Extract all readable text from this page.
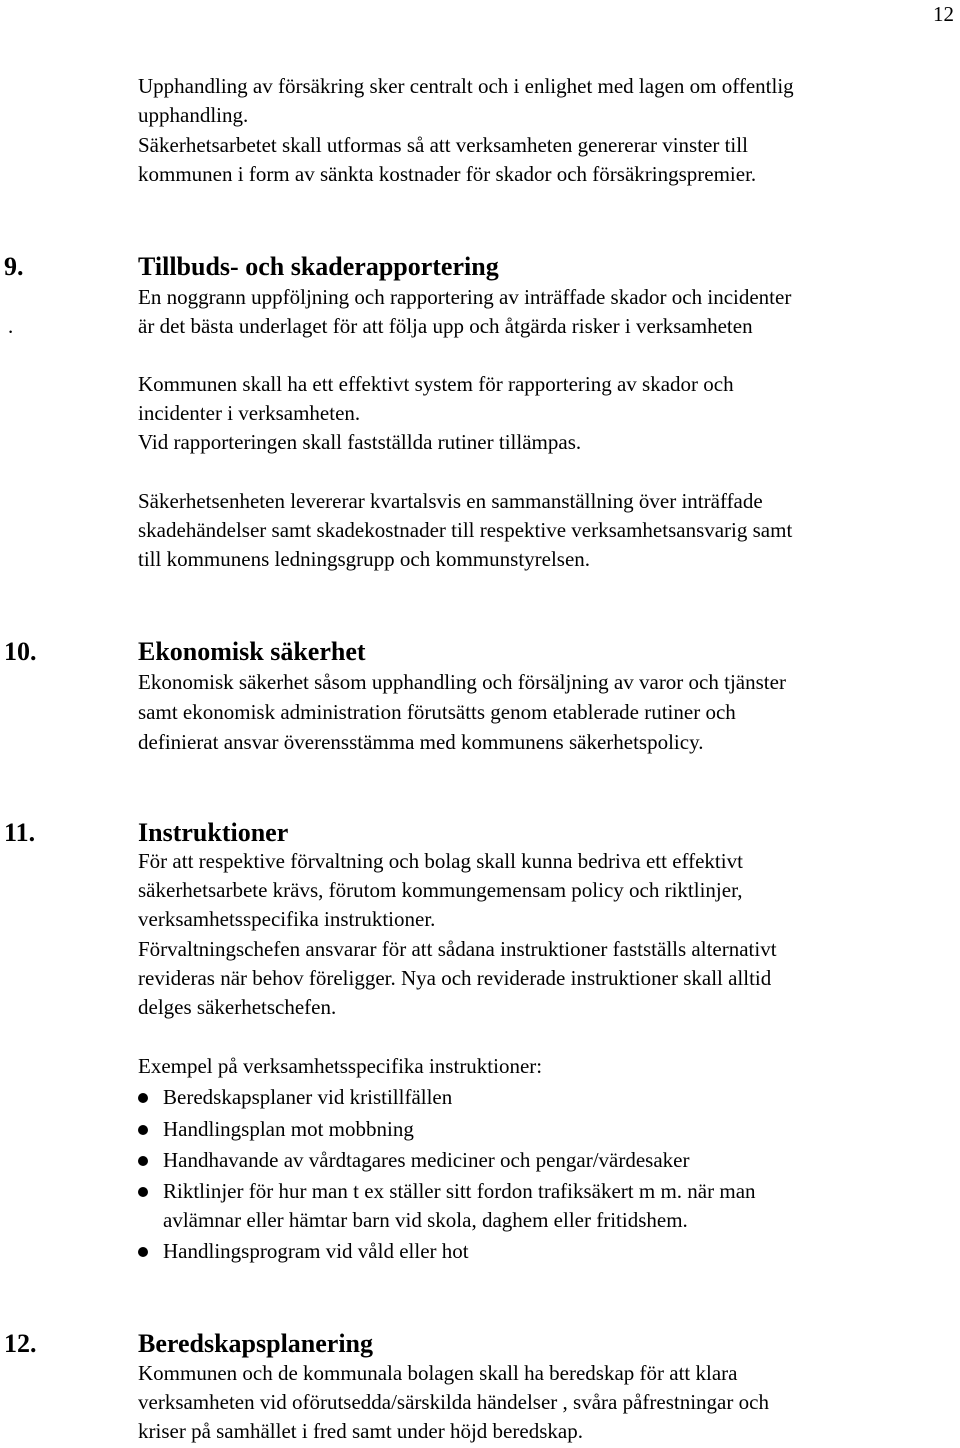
12
Upphandling av försäkring sker centralt och i enlighet med lagen om offentlig
upphandling.
Säkerhetsarbetet skall utformas så att verksamheten genererar vinster till
kommunen i form av sänkta kostnader för skador och försäkringspremier.
9.	Tillbuds- och skaderapportering
En noggrann uppföljning och rapportering av inträffade skador och incidenter
.	är det bästa underlaget för att följa upp och åtgärda risker i verksamheten
Kommunen skall ha ett effektivt system för rapportering av skador och
incidenter i verksamheten.
Vid rapporteringen skall fastställda rutiner tillämpas.
Säkerhetsenheten levererar kvartalsvis en sammanställning över inträffade
skadehändelser samt skadekostnader till respektive verksamhetsansvarig samt
till kommunens ledningsgrupp och kommunstyrelsen.
10.	Ekonomisk säkerhet
Ekonomisk säkerhet såsom upphandling och försäljning av varor och tjänster
samt ekonomisk administration förutsätts genom etablerade rutiner och
definierat ansvar överensstämma med kommunens säkerhetspolicy.
11.	Instruktioner
För att respektive förvaltning och bolag skall kunna bedriva ett effektivt
säkerhetsarbete krävs, förutom kommungemensam policy och riktlinjer,
verksamhetsspecifika instruktioner.
Förvaltningschefen ansvarar för att sådana instruktioner fastställs alternativt
revideras när behov föreligger. Nya och reviderade instruktioner skall alltid
delges säkerhetschefen.
Exempel på verksamhetsspecifika instruktioner:
Beredskapsplaner vid kristillfällen
Handlingsplan mot mobbning
Handhavande av vårdtagares mediciner och pengar/värdesaker
Riktlinjer för hur man t ex ställer sitt fordon trafiksäkert m m. när man
avlämnar eller hämtar barn vid skola, daghem eller fritidshem.
Handlingsprogram vid våld eller hot
12.	Beredskapsplanering
Kommunen och de kommunala bolagen skall ha beredskap för att klara
verksamheten vid oförutsedda/särskilda händelser , svåra påfrestningar och
kriser på samhället i fred samt under höjd beredskap.
